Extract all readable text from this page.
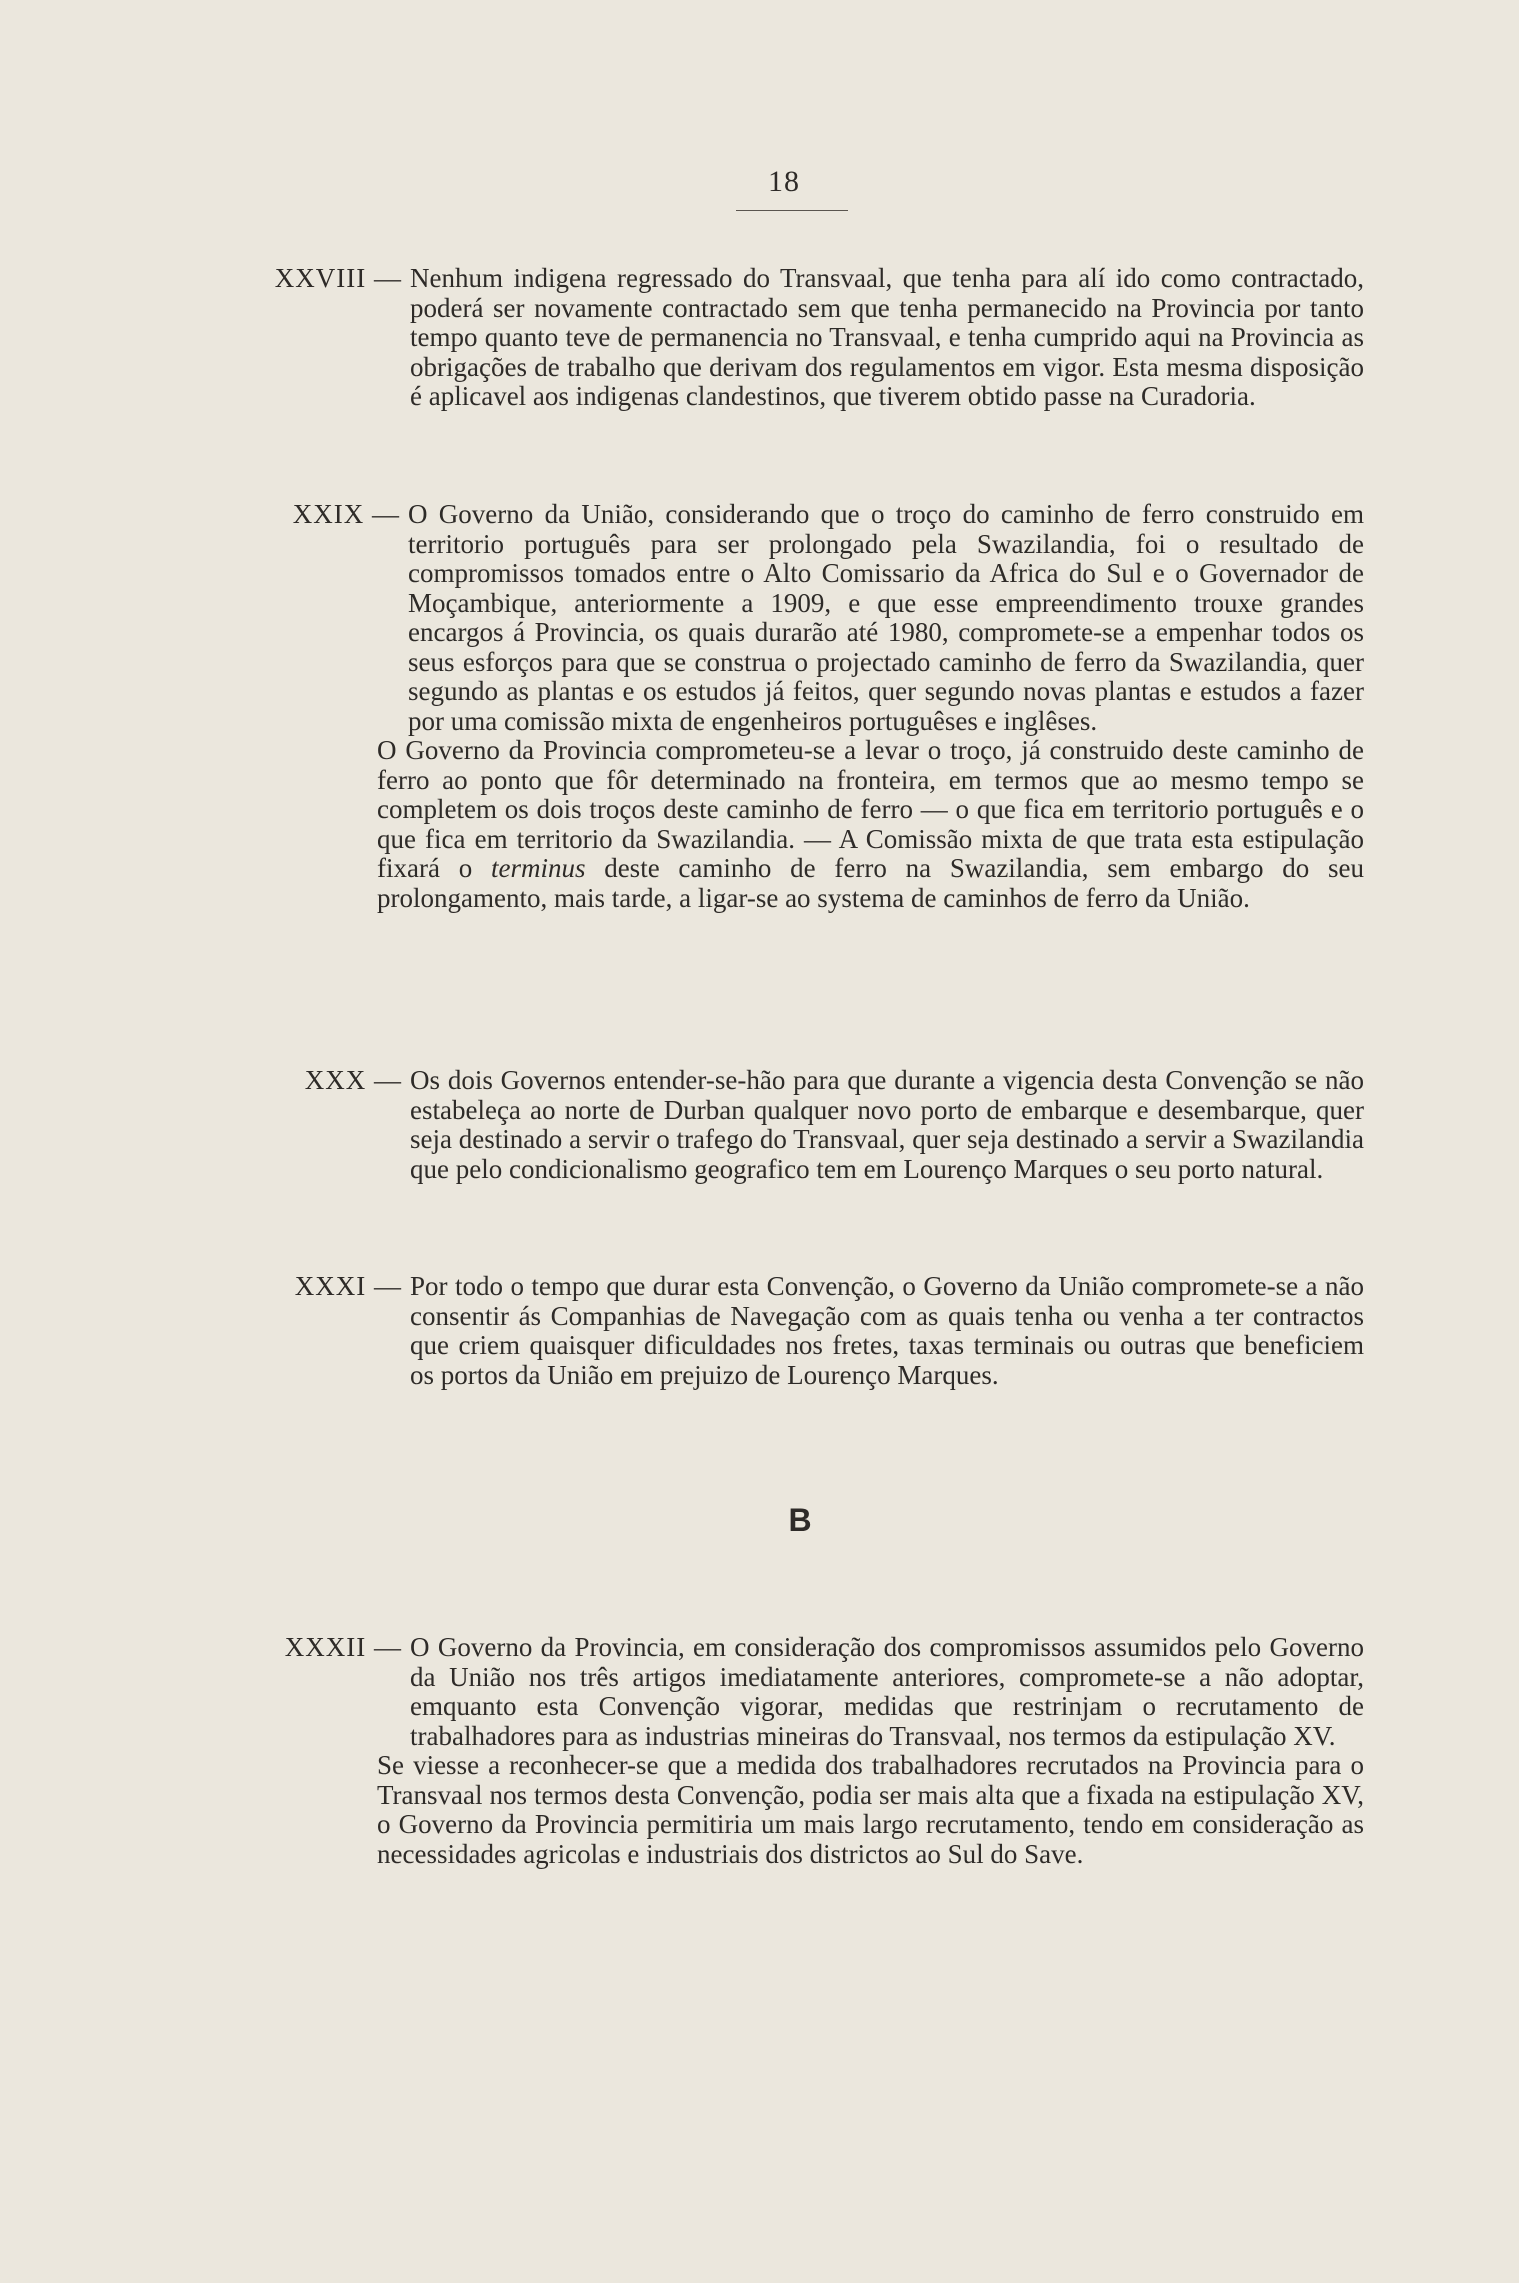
18
XXVIII — Nenhum indigena regressado do Transvaal, que tenha para alí ido como contractado, poderá ser novamente contractado sem que tenha permanecido na Provincia por tanto tempo quanto teve de permanencia no Transvaal, e tenha cumprido aqui na Provincia as obrigações de trabalho que derivam dos regulamentos em vigor. Esta mesma disposição é aplicavel aos indigenas clandestinos, que tiverem obtido passe na Curadoria.
XXIX — O Governo da União, considerando que o troço do caminho de ferro construido em territorio português para ser prolongado pela Swazilandia, foi o resultado de compromissos tomados entre o Alto Comissario da Africa do Sul e o Governador de Moçambique, anteriormente a 1909, e que esse empreendimento trouxe grandes encargos á Provincia, os quais durarão até 1980, compromete-se a empenhar todos os seus esforços para que se construa o projectado caminho de ferro da Swazilandia, quer segundo as plantas e os estudos já feitos, quer segundo novas plantas e estudos a fazer por uma comissão mixta de engenheiros portuguêses e inglêses.
O Governo da Provincia comprometeu-se a levar o troço, já construido deste caminho de ferro ao ponto que fôr determinado na fronteira, em termos que ao mesmo tempo se completem os dois troços deste caminho de ferro — o que fica em territorio português e o que fica em territorio da Swazilandia. — A Comissão mixta de que trata esta estipulação fixará o terminus deste caminho de ferro na Swazilandia, sem embargo do seu prolongamento, mais tarde, a ligar-se ao systema de caminhos de ferro da União.
XXX — Os dois Governos entender-se-hão para que durante a vigencia desta Convenção se não estabeleça ao norte de Durban qualquer novo porto de embarque e desembarque, quer seja destinado a servir o trafego do Transvaal, quer seja destinado a servir a Swazilandia que pelo condicionalismo geografico tem em Lourenço Marques o seu porto natural.
XXXI — Por todo o tempo que durar esta Convenção, o Governo da União compromete-se a não consentir ás Companhias de Navegação com as quais tenha ou venha a ter contractos que criem quaisquer dificuldades nos fretes, taxas terminais ou outras que beneficiem os portos da União em prejuizo de Lourenço Marques.
B
XXXII — O Governo da Provincia, em consideração dos compromissos assumidos pelo Governo da União nos três artigos imediatamente anteriores, compromete-se a não adoptar, emquanto esta Convenção vigorar, medidas que restrinjam o recrutamento de trabalhadores para as industrias mineiras do Transvaal, nos termos da estipulação XV.
Se viesse a reconhecer-se que a medida dos trabalhadores recrutados na Provincia para o Transvaal nos termos desta Convenção, podia ser mais alta que a fixada na estipulação XV, o Governo da Provincia permitiria um mais largo recrutamento, tendo em consideração as necessidades agricolas e industriais dos districtos ao Sul do Save.
